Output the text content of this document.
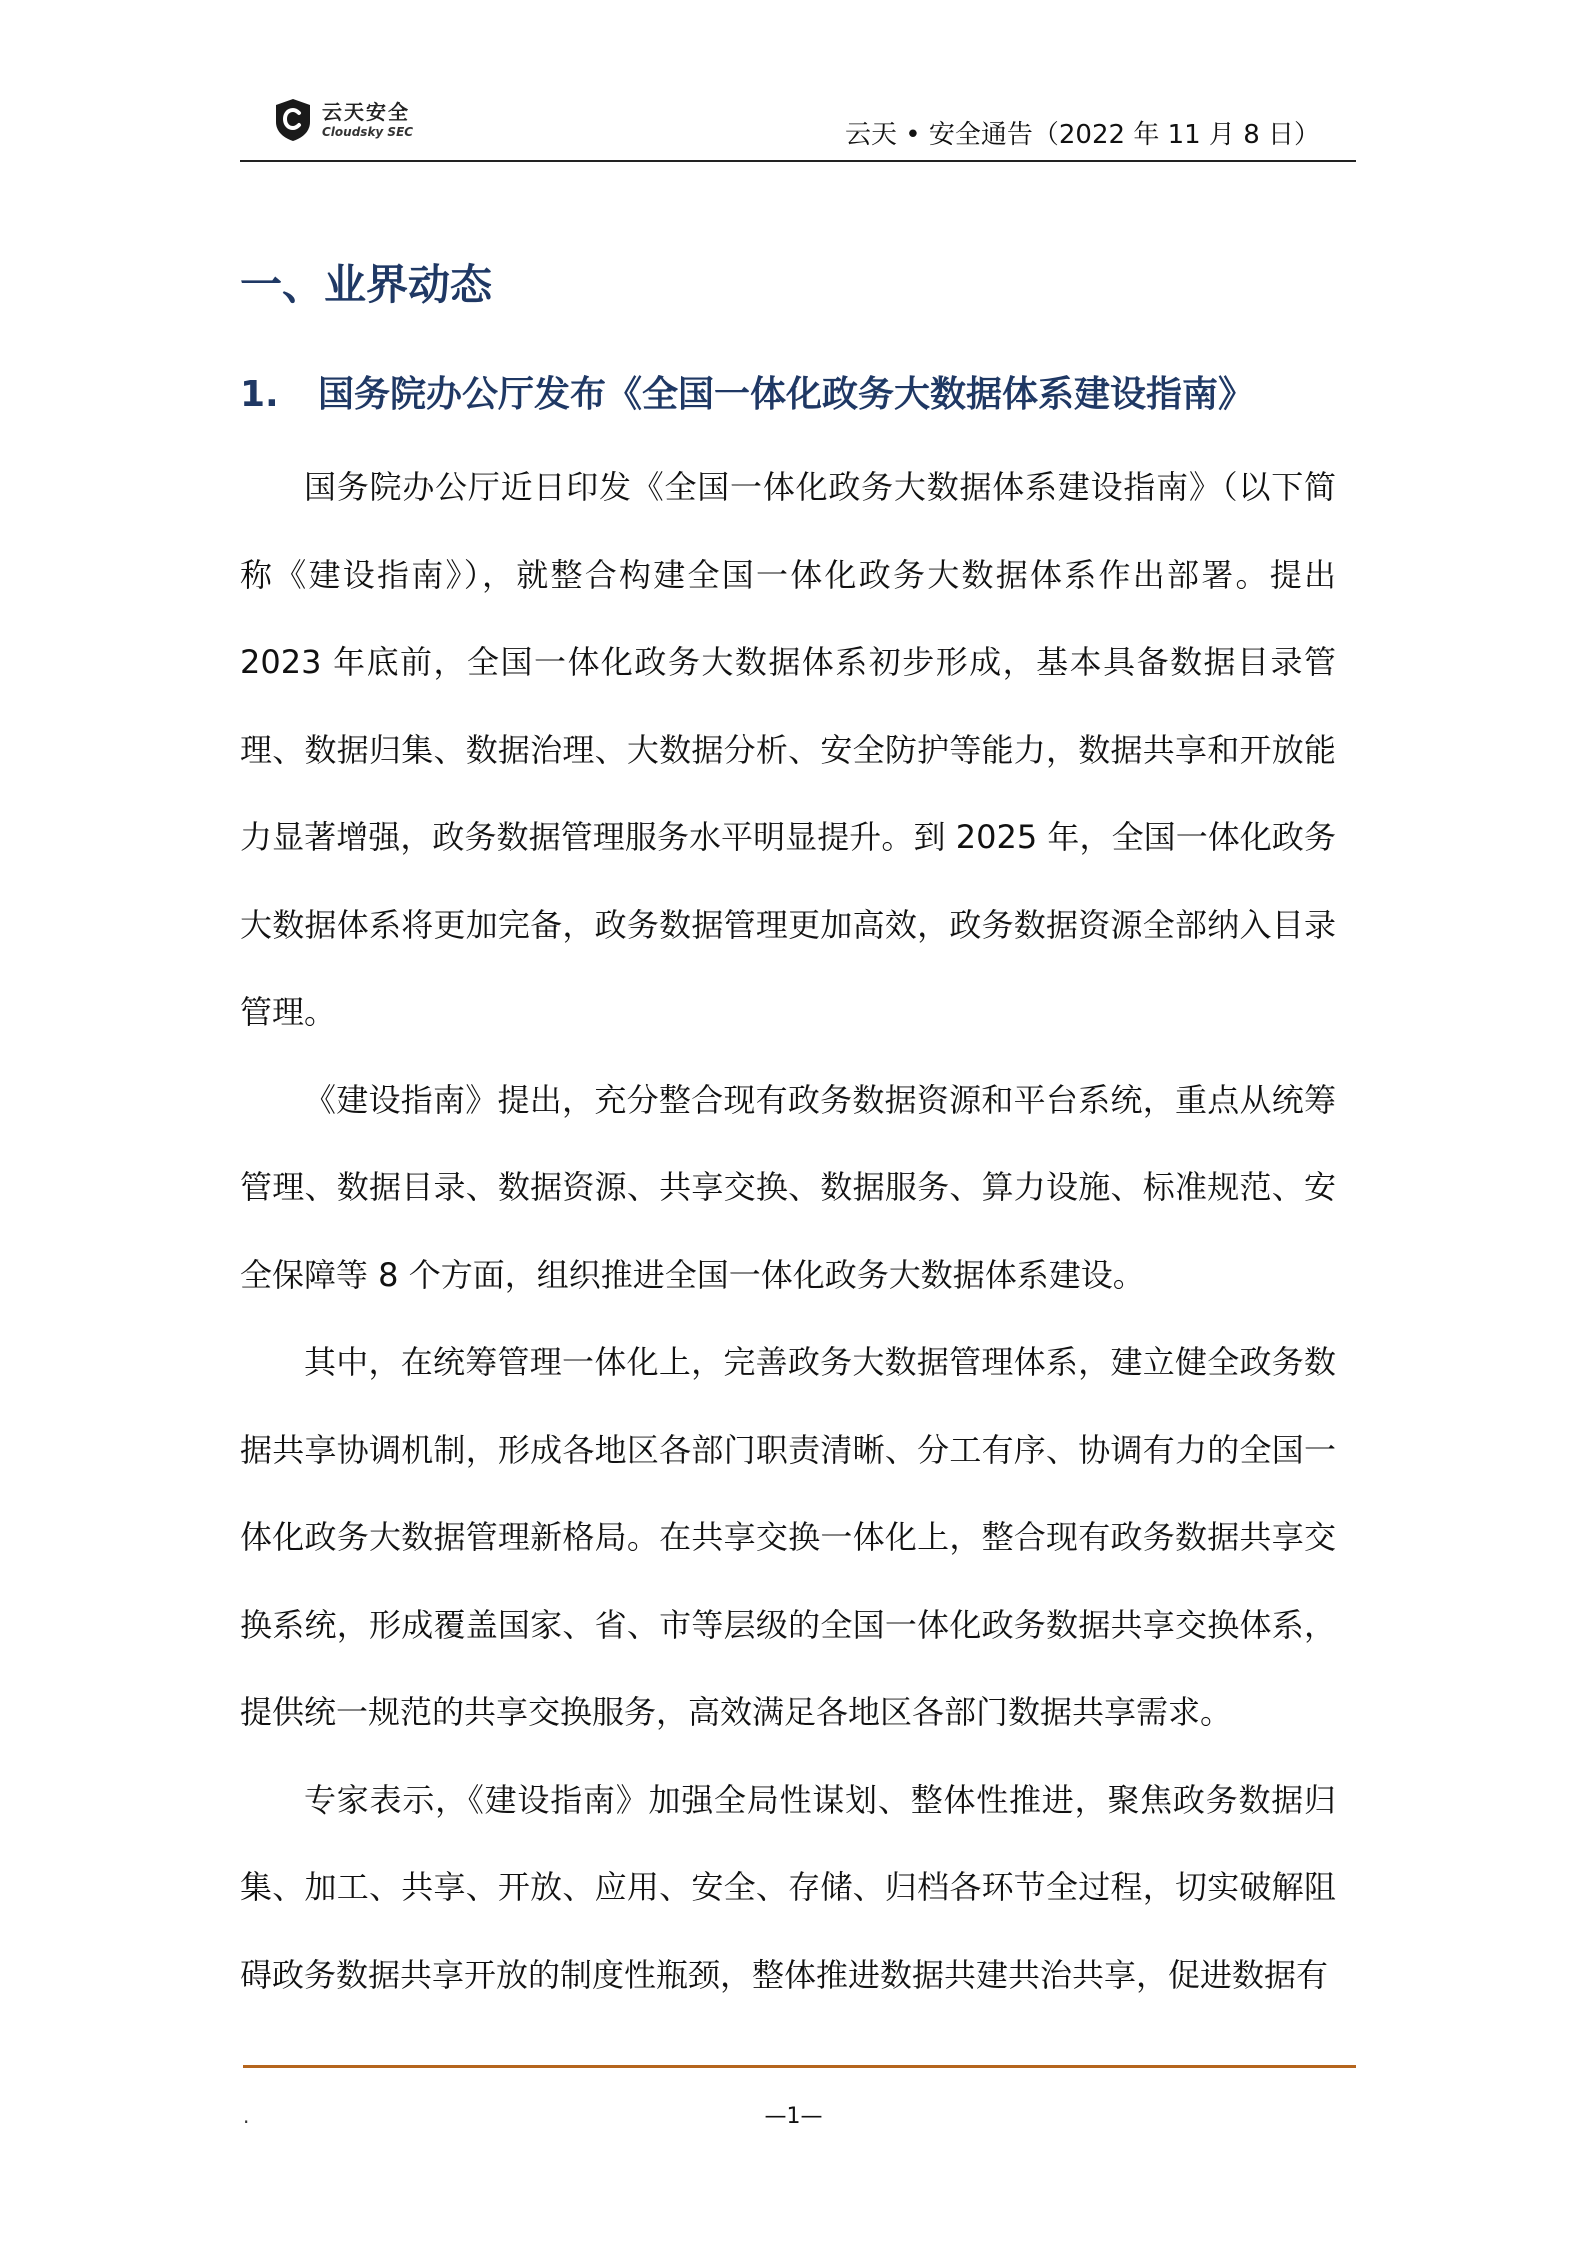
云天安全
Cloudsky SEC	云天 • 安全通告（2022 年 11 月 8 日）
一、业界动态
1. 国务院办公厅发布《全国一体化政务大数据体系建设指南》

国务院办公厅近日印发《全国一体化政务大数据体系建设指南》（以下简称《建设指南》），就整合构建全国一体化政务大数据体系作出部署。提出 2023 年底前，全国一体化政务大数据体系初步形成，基本具备数据目录管理、数据归集、数据治理、大数据分析、安全防护等能力，数据共享和开放能力显著增强，政务数据管理服务水平明显提升。到 2025 年，全国一体化政务大数据体系将更加完备，政务数据管理更加高效，政务数据资源全部纳入目录管理。

《建设指南》提出，充分整合现有政务数据资源和平台系统，重点从统筹管理、数据目录、数据资源、共享交换、数据服务、算力设施、标准规范、安全保障等 8 个方面，组织推进全国一体化政务大数据体系建设。

其中，在统筹管理一体化上，完善政务大数据管理体系，建立健全政务数据共享协调机制，形成各地区各部门职责清晰、分工有序、协调有力的全国一体化政务大数据管理新格局。在共享交换一体化上，整合现有政务数据共享交换系统，形成覆盖国家、省、市等层级的全国一体化政务数据共享交换体系，提供统一规范的共享交换服务，高效满足各地区各部门数据共享需求。

专家表示，《建设指南》加强全局性谋划、整体性推进，聚焦政务数据归集、加工、共享、开放、应用、安全、存储、归档各环节全过程，切实破解阻碍政务数据共享开放的制度性瓶颈，整体推进数据共建共治共享，促进数据有

.	—1—
